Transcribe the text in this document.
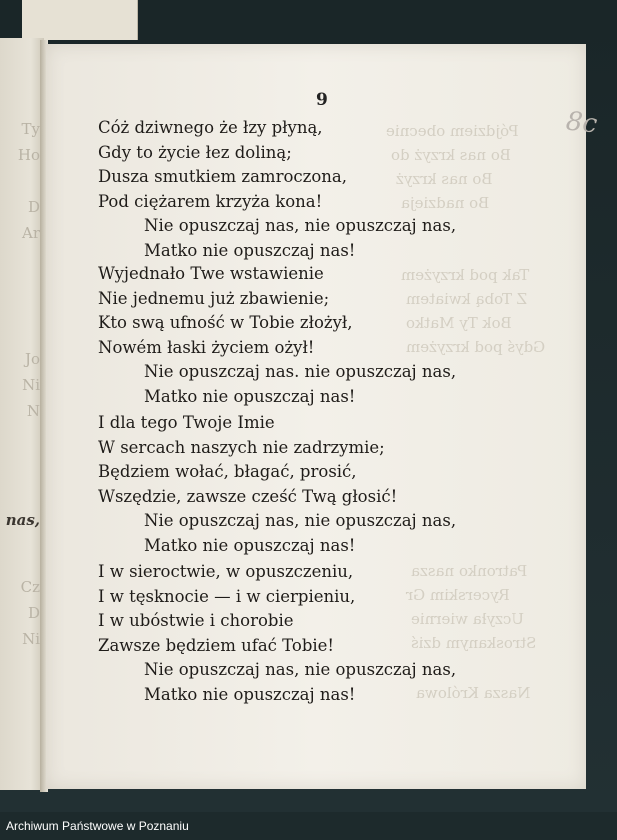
Ty
Ho
D
Ar
Jo
Ni
N
nas,
Cz
D
Ni
Pójdziem obecnie
Bo nas krzyż do
Bo nas krzyż
Bo nadzieja
Tak pod krzyżem
Z Tobą kwiatem
Bok Ty Matko
Gdyś pod krzyżem
Patronko nasza
Rycerskim Gr
Uczyła wiernie
Stroskanym dziś
Nasza Królowa
9
8c
Cóż dziwnego że łzy płyną,
Gdy to życie łez doliną;
Dusza smutkiem zamroczona,
Pod ciężarem krzyża kona!
Nie opuszczaj nas, nie opuszczaj nas,
Matko nie opuszczaj nas!
Wyjednało Twe wstawienie
Nie jednemu już zbawienie;
Kto swą ufność w Tobie złożył,
Nowém łaski życiem ożył!
Nie opuszczaj nas. nie opuszczaj nas,
Matko nie opuszczaj nas!
I dla tego Twoje Imie
W sercach naszych nie zadrzymie;
Będziem wołać, błagać, prosić,
Wszędzie, zawsze cześć Twą głosić!
Nie opuszczaj nas, nie opuszczaj nas,
Matko nie opuszczaj nas!
I w sieroctwie, w opuszczeniu,
I w tęsknocie — i w cierpieniu,
I w ubóstwie i chorobie
Zawsze będziem ufać Tobie!
Nie opuszczaj nas, nie opuszczaj nas,
Matko nie opuszczaj nas!
Archiwum Państwowe w Poznaniu
